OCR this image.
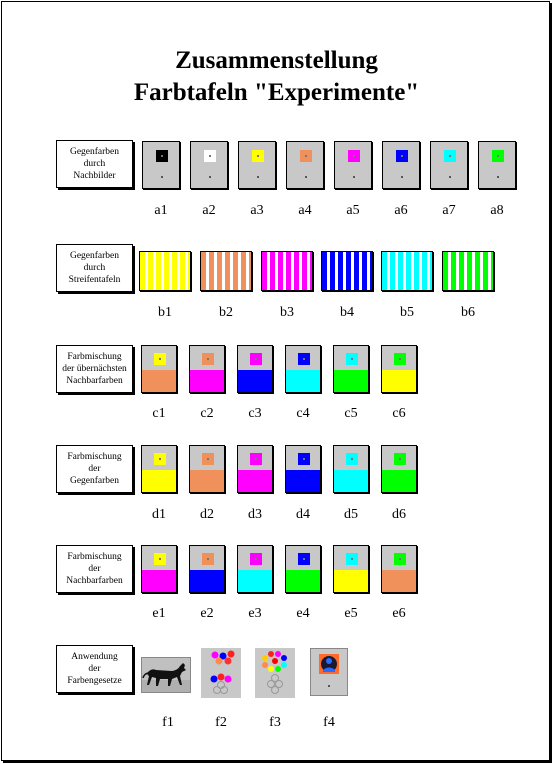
Zusammenstellung
Farbtafeln "Experimente"
Gegenfarben
durch
Nachbilder
Gegenfarben
durch
Streifentafeln
Farbmischung
der übernächsten
Nachbarfarben
Farbmischung
der
Gegenfarben
Farbmischung
der
Nachbarfarben
Anwendung
der
Farbengesetze
a1	a2	a3	a4	a5	a6	a7	a8
b1	b2	b3	b4	b5	b6
c1	c2	c3	c4	c5	c6
d1	d2	d3	d4	d5	d6
e1	e2	e3	e4	e5	e6
f1	f2	f3	f4
